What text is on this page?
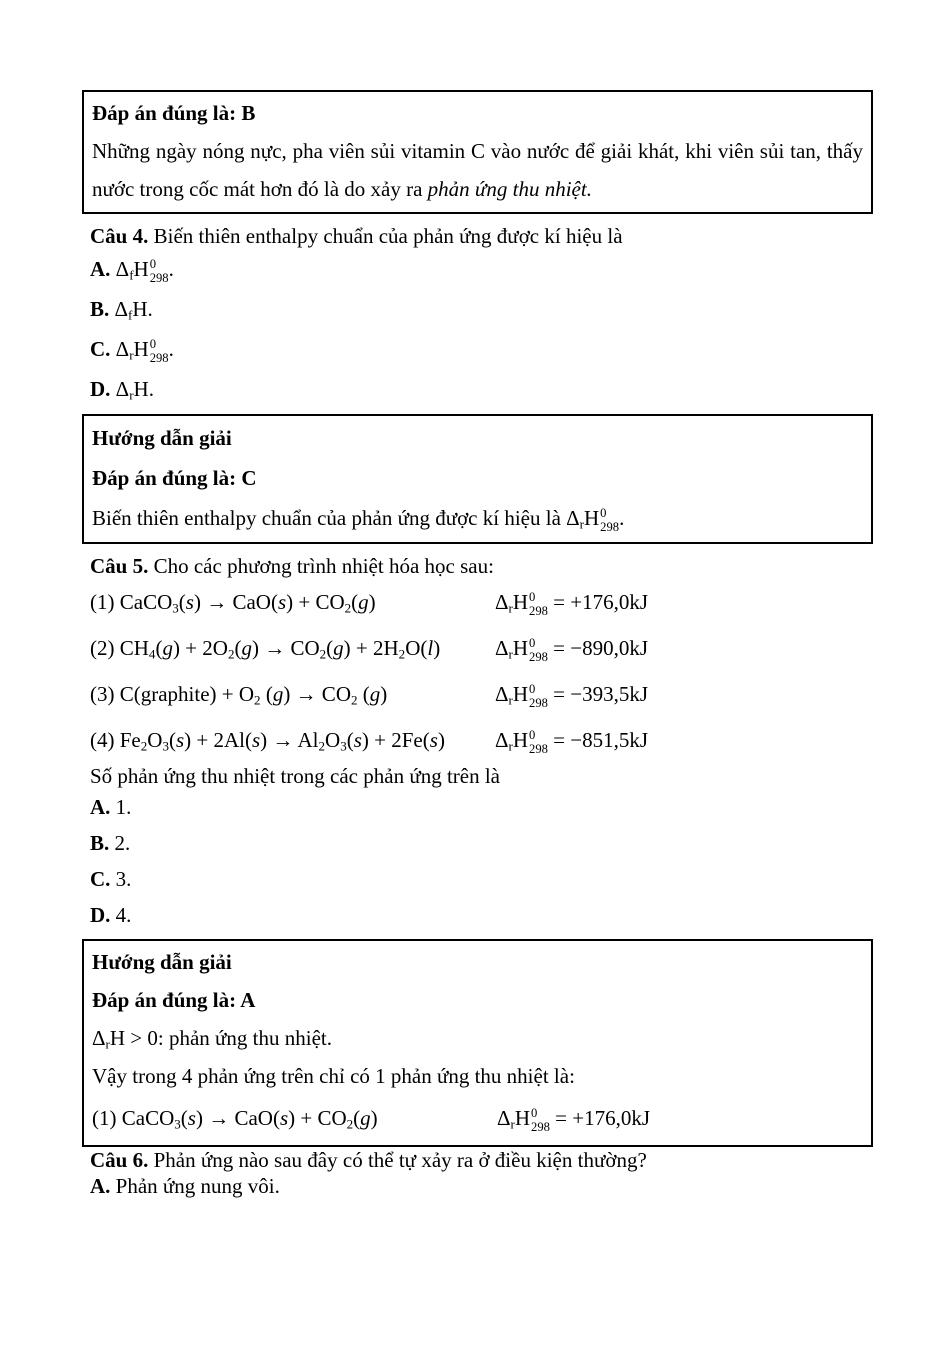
Đáp án đúng là: B

Những ngày nóng nực, pha viên sủi vitamin C vào nước để giải khát, khi viên sủi tan, thấy nước trong cốc mát hơn đó là do xảy ra phản ứng thu nhiệt.

Câu 4. Biến thiên enthalpy chuẩn của phản ứng được kí hiệu là

A. $\Delta_fH$ 0
298 .

B. $\Delta_fH$.

C. $\Delta_rH$ 0
298 .

D. $\Delta_rH$.

Hướng dẫn giải

Đáp án đúng là: C

Biến thiên enthalpy chuẩn của phản ứng được kí hiệu là $\Delta_rH$ 0
298 .

Câu 5. Cho các phương trình nhiệt hóa học sau:

(1) CaCO$_3$(s) → $CaO(s) + CO_2(g)$	$\Delta_rH$ 0
298 = +176,0kJ
(2) $CH_4(g) + 2O_2(g) \to CO_2(g) + 2H_2O(l)$	$\Delta_rH$ 0
298 = −890,0kJ
(3) C(graphite) + $O_2$ $(g) \to CO_2$ (g)	$\Delta_rH$ 0
298 = −393,5kJ
(4) $Fe_2O_3(s) + 2Al(s) \to Al_2O_3(s) + 2Fe(s)$	$\Delta_rH$ 0
298 = −851,5kJ

Số phản ứng thu nhiệt trong các phản ứng trên là

A. 1.

B. 2.

C. 3.

D. 4.

Hướng dẫn giải

Đáp án đúng là: A

$\Delta_rH > 0$: phản ứng thu nhiệt.

Vậy trong 4 phản ứng trên chỉ có 1 phản ứng thu nhiệt là:

(1) CaCO$_3$(s) → $CaO(s) + CO_2(g)$	$\Delta_rH$ 0
298 = +176,0kJ

Câu 6. Phản ứng nào sau đây có thể tự xảy ra ở điều kiện thường?

A. Phản ứng nung vôi.
